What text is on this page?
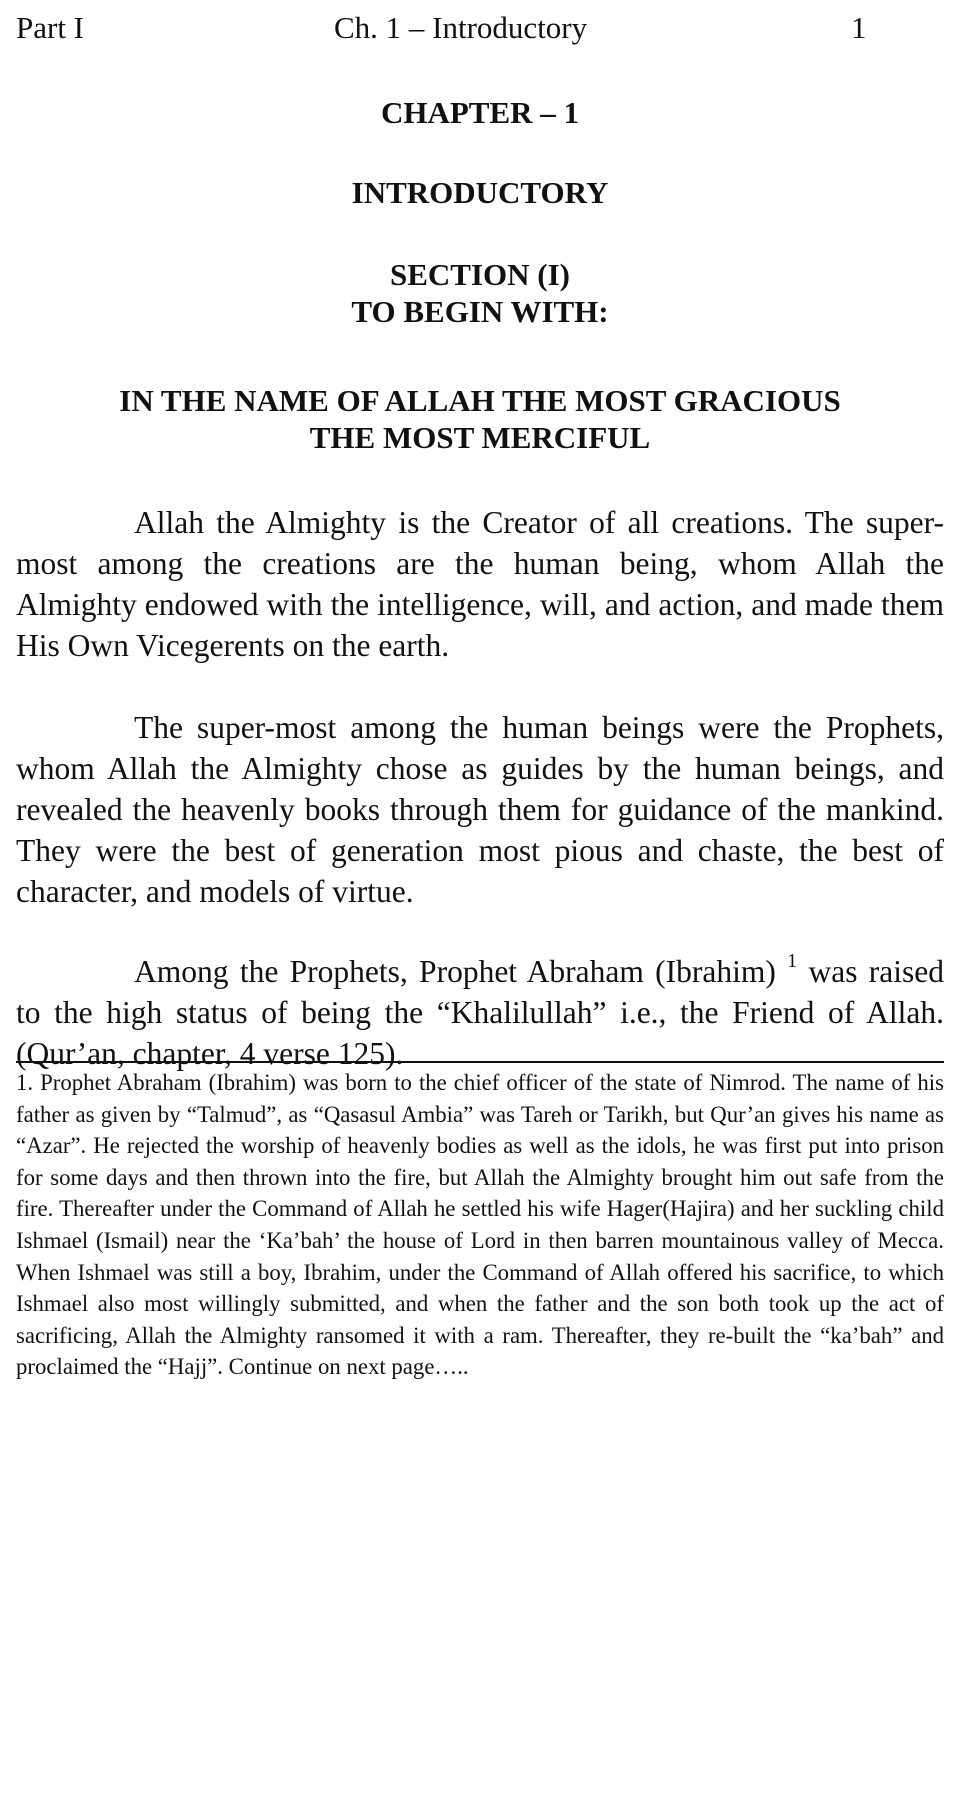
Part I	Ch. 1 – Introductory	1
CHAPTER – 1
INTRODUCTORY
SECTION (I)
TO BEGIN WITH:
IN THE NAME OF ALLAH THE MOST GRACIOUS
THE MOST MERCIFUL

Allah the Almighty is the Creator of all creations. The super-most among the creations are the human being, whom Allah the Almighty endowed with the intelligence, will, and action, and made them His Own Vicegerents on the earth.

The super-most among the human beings were the Prophets, whom Allah the Almighty chose as guides by the human beings, and revealed the heavenly books through them for guidance of the mankind. They were the best of generation most pious and chaste, the best of character, and models of virtue.

Among the Prophets, Prophet Abraham (Ibrahim) $^1$ was raised to the high status of being the “Khalilullah” i.e., the Friend of Allah. (Qur’an, chapter, 4 verse 125).

1. Prophet Abraham (Ibrahim) was born to the chief officer of the state of Nimrod. The name of his father as given by “Talmud”, as “Qasasul Ambia” was Tareh or Tarikh, but Qur’an gives his name as “Azar”. He rejected the worship of heavenly bodies as well as the idols, he was first put into prison for some days and then thrown into the fire, but Allah the Almighty brought him out safe from the fire. Thereafter under the Command of Allah he settled his wife Hager(Hajira) and her suckling child Ishmael (Ismail) near the ‘Ka’bah’ the house of Lord in then barren mountainous valley of Mecca. When Ishmael was still a boy, Ibrahim, under the Command of Allah offered his sacrifice, to which Ishmael also most willingly submitted, and when the father and the son both took up the act of sacrificing, Allah the Almighty ransomed it with a ram. Thereafter, they re-built the “ka’bah” and proclaimed the “Hajj”. Continue on next page…..
